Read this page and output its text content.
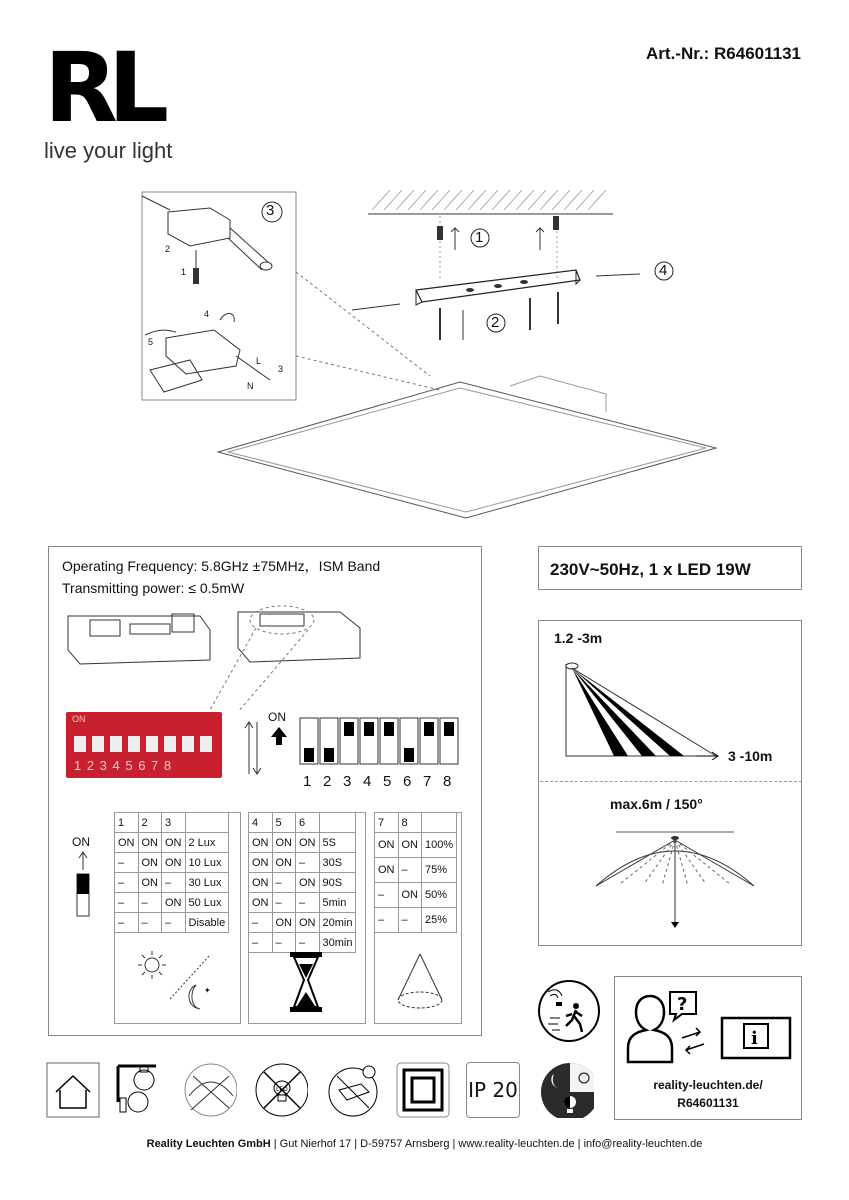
RL
live your light
Art.-Nr.: R64601131
3
1
2
4
2
1
4
5
L
N
3
Operating Frequency: 5.8GHz ±75MHz，ISM Band
Transmitting power: ≤ 0.5mW
ON
1 2 3 4 5 6 7 8
ON
1 2 3 4 5 6 7 8
ON
1	2	3	
ON	ON	ON	2 Lux
–	ON	ON	10 Lux
–	ON	–	30 Lux
–	–	ON	50 Lux
–	–	–	Disable
✦
4	5	6	
ON	ON	ON	5S
ON	ON	–	30S
ON	–	ON	90S
ON	–	–	5min
–	ON	ON	20min
–	–	–	30min
7	8	
ON	ON	100%
ON	–	75%
–	ON	50%
–	–	25%
230V~50Hz, 1 x LED 19W
1.2 -3m
3 -10m
max.6m / 150°
?
i
reality-leuchten.de/
R64601131
LED	IP 20
Reality Leuchten GmbH | Gut Nierhof 17 | D-59757 Arnsberg | www.reality-leuchten.de | info@reality-leuchten.de
